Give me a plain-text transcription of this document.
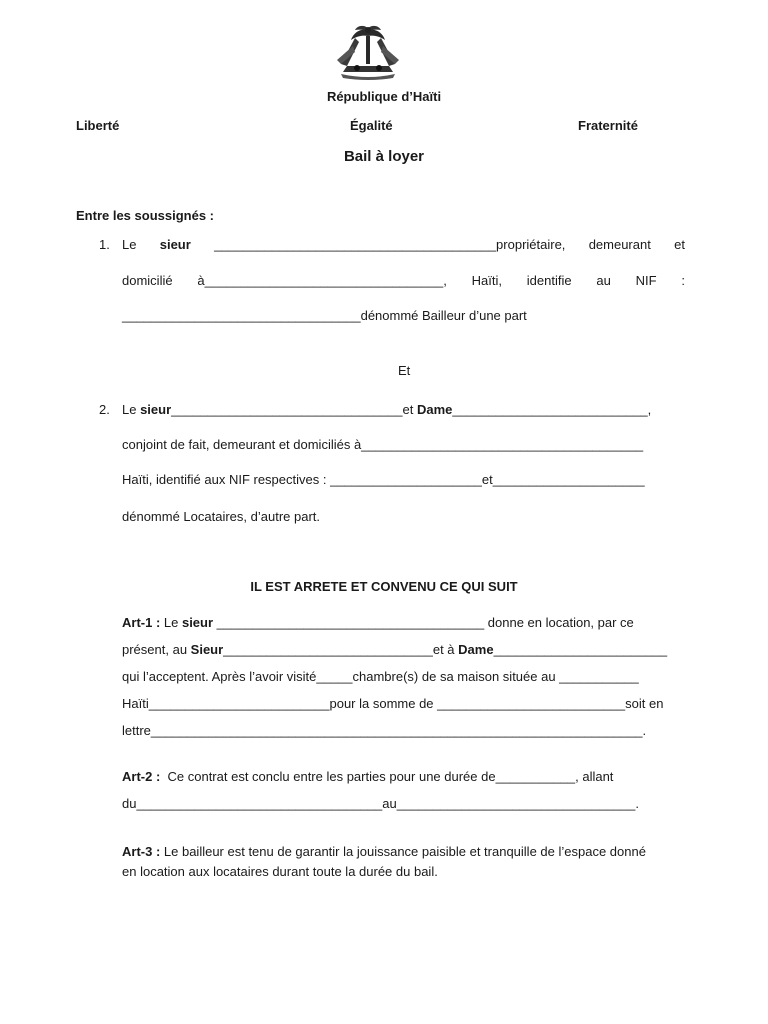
République d’Haïti
Liberté	Égalité	Fraternité
Bail à loyer
Entre les soussignés :
1. Le sieur _______________________________________propriétaire, demeurant et
domicilié à_________________________________, Haïti, identifie au NIF :
_________________________________dénommé Bailleur d’une part
Et
2. Le sieur________________________________et Dame___________________________,
conjoint de fait, demeurant et domiciliés à_______________________________________
Haïti, identifié aux NIF respectives : _____________________et_____________________
dénommé Locataires, d’autre part.
IL EST ARRETE ET CONVENU CE QUI SUIT
Art-1 : Le sieur _____________________________________ donne en location, par ce
présent, au Sieur_____________________________et à Dame________________________
qui l’acceptent. Après l’avoir visité_____chambre(s) de sa maison située au ___________
Haïti_________________________pour la somme de __________________________soit en
lettre____________________________________________________________________.
Art-2 :  Ce contrat est conclu entre les parties pour une durée de___________, allant
du__________________________________au_________________________________.
Art-3 : Le bailleur est tenu de garantir la jouissance paisible et tranquille de l’espace donné
en location aux locataires durant toute la durée du bail.
